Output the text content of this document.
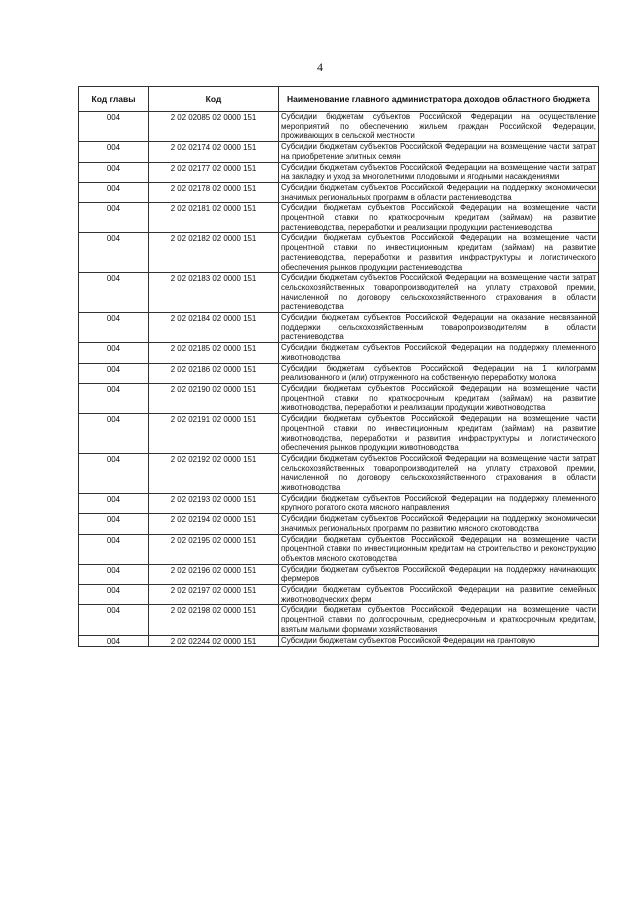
4
Код главы	Код	Наименование главного администратора доходов областного бюджета
004	2 02 02085 02 0000 151	Субсидии бюджетам субъектов Российской Федерации на осуществление мероприятий по обеспечению жильем граждан Российской Федерации, проживающих в сельской местности
004	2 02 02174 02 0000 151	Субсидии бюджетам субъектов Российской Федерации на возмещение части затрат на приобретение элитных семян
004	2 02 02177 02 0000 151	Субсидии бюджетам субъектов Российской Федерации на возмещение части затрат на закладку и уход за многолетними плодовыми и ягодными насаждениями
004	2 02 02178 02 0000 151	Субсидии бюджетам субъектов Российской Федерации на поддержку экономически значимых региональных программ в области растениеводства
004	2 02 02181 02 0000 151	Субсидии бюджетам субъектов Российской Федерации на возмещение части процентной ставки по краткосрочным кредитам (займам) на развитие растениеводства, переработки и реализации продукции растениеводства
004	2 02 02182 02 0000 151	Субсидии бюджетам субъектов Российской Федерации на возмещение части процентной ставки по инвестиционным кредитам (займам) на развитие растениеводства, переработки и развития инфраструктуры и логистического обеспечения рынков продукции растениеводства
004	2 02 02183 02 0000 151	Субсидии бюджетам субъектов Российской Федерации на возмещение части затрат сельскохозяйственных товаропроизводителей на уплату страховой премии, начисленной по договору сельскохозяйственного страхования в области растениеводства
004	2 02 02184 02 0000 151	Субсидии бюджетам субъектов Российской Федерации на оказание несвязанной поддержки сельскохозяйственным товаропроизводителям в области растениеводства
004	2 02 02185 02 0000 151	Субсидии бюджетам субъектов Российской Федерации на поддержку племенного животноводства
004	2 02 02186 02 0000 151	Субсидии бюджетам субъектов Российской Федерации на 1 килограмм реализованного и (или) отгруженного на собственную переработку молока
004	2 02 02190 02 0000 151	Субсидии бюджетам субъектов Российской Федерации на возмещение части процентной ставки по краткосрочным кредитам (займам) на развитие животноводства, переработки и реализации продукции животноводства
004	2 02 02191 02 0000 151	Субсидии бюджетам субъектов Российской Федерации на возмещение части процентной ставки по инвестиционным кредитам (займам) на развитие животноводства, переработки и развития инфраструктуры и логистического обеспечения рынков продукции животноводства
004	2 02 02192 02 0000 151	Субсидии бюджетам субъектов Российской Федерации на возмещение части затрат сельскохозяйственных товаропроизводителей на уплату страховой премии, начисленной по договору сельскохозяйственного страхования в области животноводства
004	2 02 02193 02 0000 151	Субсидии бюджетам субъектов Российской Федерации на поддержку племенного крупного рогатого скота мясного направления
004	2 02 02194 02 0000 151	Субсидии бюджетам субъектов Российской Федерации на поддержку экономически значимых региональных программ по развитию мясного скотоводства
004	2 02 02195 02 0000 151	Субсидии бюджетам субъектов Российской Федерации на возмещение части процентной ставки по инвестиционным кредитам на строительство и реконструкцию объектов мясного скотоводства
004	2 02 02196 02 0000 151	Субсидии бюджетам субъектов Российской Федерации на поддержку начинающих фермеров
004	2 02 02197 02 0000 151	Субсидии бюджетам субъектов Российской Федерации на развитие семейных животноводческих ферм
004	2 02 02198 02 0000 151	Субсидии бюджетам субъектов Российской Федерации на возмещение части процентной ставки по долгосрочным, среднесрочным и краткосрочным кредитам, взятым малыми формами хозяйствования
004	2 02 02244 02 0000 151	Субсидии бюджетам субъектов Российской Федерации на грантовую
